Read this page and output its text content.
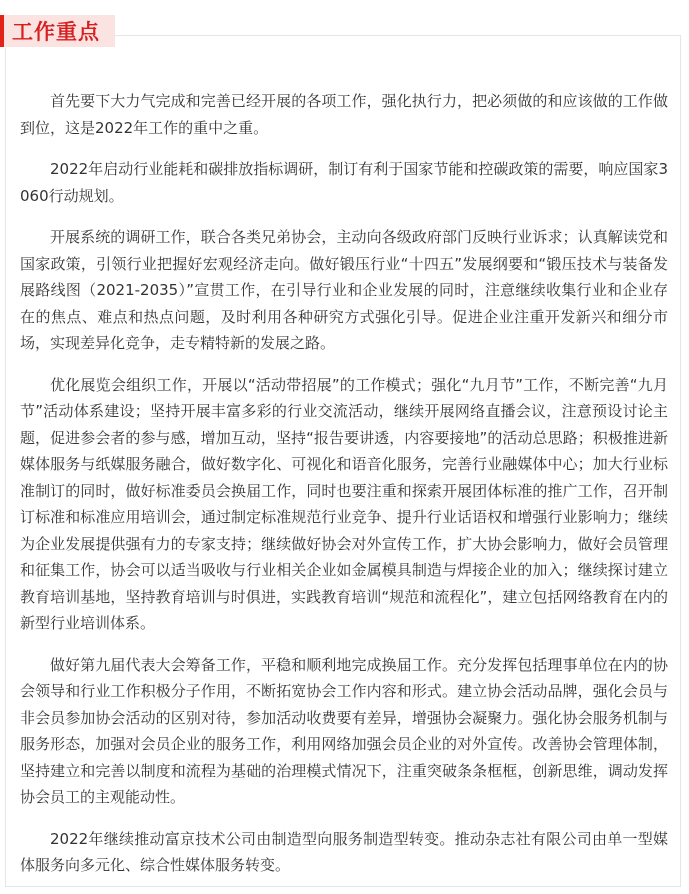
工作重点

首先要下大力气完成和完善已经开展的各项工作，强化执行力，把必须做的和应该做的工作做到位，这是2022年工作的重中之重。

2022年启动行业能耗和碳排放指标调研，制订有利于国家节能和控碳政策的需要，响应国家3060行动规划。

开展系统的调研工作，联合各类兄弟协会，主动向各级政府部门反映行业诉求；认真解读党和国家政策，引领行业把握好宏观经济走向。做好锻压行业“十四五”发展纲要和“锻压技术与装备发展路线图（2021-2035）”宣贯工作，在引导行业和企业发展的同时，注意继续收集行业和企业存在的焦点、难点和热点问题，及时利用各种研究方式强化引导。促进企业注重开发新兴和细分市场，实现差异化竞争，走专精特新的发展之路。

优化展览会组织工作，开展以“活动带招展”的工作模式；强化“九月节”工作，不断完善“九月节”活动体系建设；坚持开展丰富多彩的行业交流活动，继续开展网络直播会议，注意预设讨论主题，促进参会者的参与感，增加互动，坚持“报告要讲透，内容要接地”的活动总思路；积极推进新媒体服务与纸媒服务融合，做好数字化、可视化和语音化服务，完善行业融媒体中心；加大行业标准制订的同时，做好标准委员会换届工作，同时也要注重和探索开展团体标准的推广工作，召开制订标准和标准应用培训会，通过制定标准规范行业竞争、提升行业话语权和增强行业影响力；继续为企业发展提供强有力的专家支持；继续做好协会对外宣传工作，扩大协会影响力，做好会员管理和征集工作，协会可以适当吸收与行业相关企业如金属模具制造与焊接企业的加入；继续探讨建立教育培训基地，坚持教育培训与时俱进，实践教育培训“规范和流程化”，建立包括网络教育在内的新型行业培训体系。

做好第九届代表大会筹备工作，平稳和顺利地完成换届工作。充分发挥包括理事单位在内的协会领导和行业工作积极分子作用，不断拓宽协会工作内容和形式。建立协会活动品牌，强化会员与非会员参加协会活动的区别对待，参加活动收费要有差异，增强协会凝聚力。强化协会服务机制与服务形态，加强对会员企业的服务工作，利用网络加强会员企业的对外宣传。改善协会管理体制，坚持建立和完善以制度和流程为基础的治理模式情况下，注重突破条条框框，创新思维，调动发挥协会员工的主观能动性。

2022年继续推动富京技术公司由制造型向服务制造型转变。推动杂志社有限公司由单一型媒体服务向多元化、综合性媒体服务转变。
